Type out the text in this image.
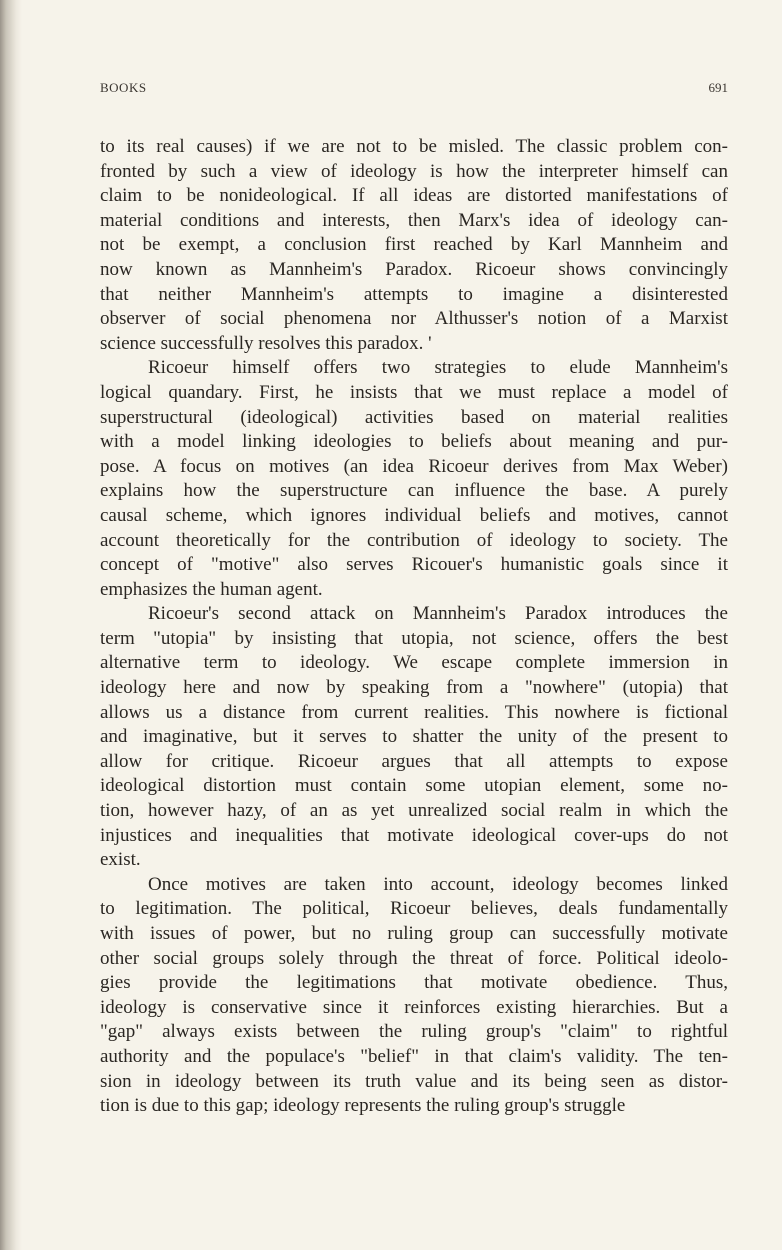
BOOKS	691
to its real causes) if we are not to be misled. The classic problem con-
fronted by such a view of ideology is how the interpreter himself can
claim to be nonideological. If all ideas are distorted manifestations of
material conditions and interests, then Marx's idea of ideology can-
not be exempt, a conclusion first reached by Karl Mannheim and
now known as Mannheim's Paradox. Ricoeur shows convincingly
that neither Mannheim's attempts to imagine a disinterested
observer of social phenomena nor Althusser's notion of a Marxist
science successfully resolves this paradox. '
Ricoeur himself offers two strategies to elude Mannheim's
logical quandary. First, he insists that we must replace a model of
superstructural (ideological) activities based on material realities
with a model linking ideologies to beliefs about meaning and pur-
pose. A focus on motives (an idea Ricoeur derives from Max Weber)
explains how the superstructure can influence the base. A purely
causal scheme, which ignores individual beliefs and motives, cannot
account theoretically for the contribution of ideology to society. The
concept of "motive" also serves Ricouer's humanistic goals since it
emphasizes the human agent.
Ricoeur's second attack on Mannheim's Paradox introduces the
term "utopia" by insisting that utopia, not science, offers the best
alternative term to ideology. We escape complete immersion in
ideology here and now by speaking from a "nowhere" (utopia) that
allows us a distance from current realities. This nowhere is fictional
and imaginative, but it serves to shatter the unity of the present to
allow for critique. Ricoeur argues that all attempts to expose
ideological distortion must contain some utopian element, some no-
tion, however hazy, of an as yet unrealized social realm in which the
injustices and inequalities that motivate ideological cover-ups do not
exist.
Once motives are taken into account, ideology becomes linked
to legitimation. The political, Ricoeur believes, deals fundamentally
with issues of power, but no ruling group can successfully motivate
other social groups solely through the threat of force. Political ideolo-
gies provide the legitimations that motivate obedience. Thus,
ideology is conservative since it reinforces existing hierarchies. But a
"gap" always exists between the ruling group's "claim" to rightful
authority and the populace's "belief" in that claim's validity. The ten-
sion in ideology between its truth value and its being seen as distor-
tion is due to this gap; ideology represents the ruling group's struggle
